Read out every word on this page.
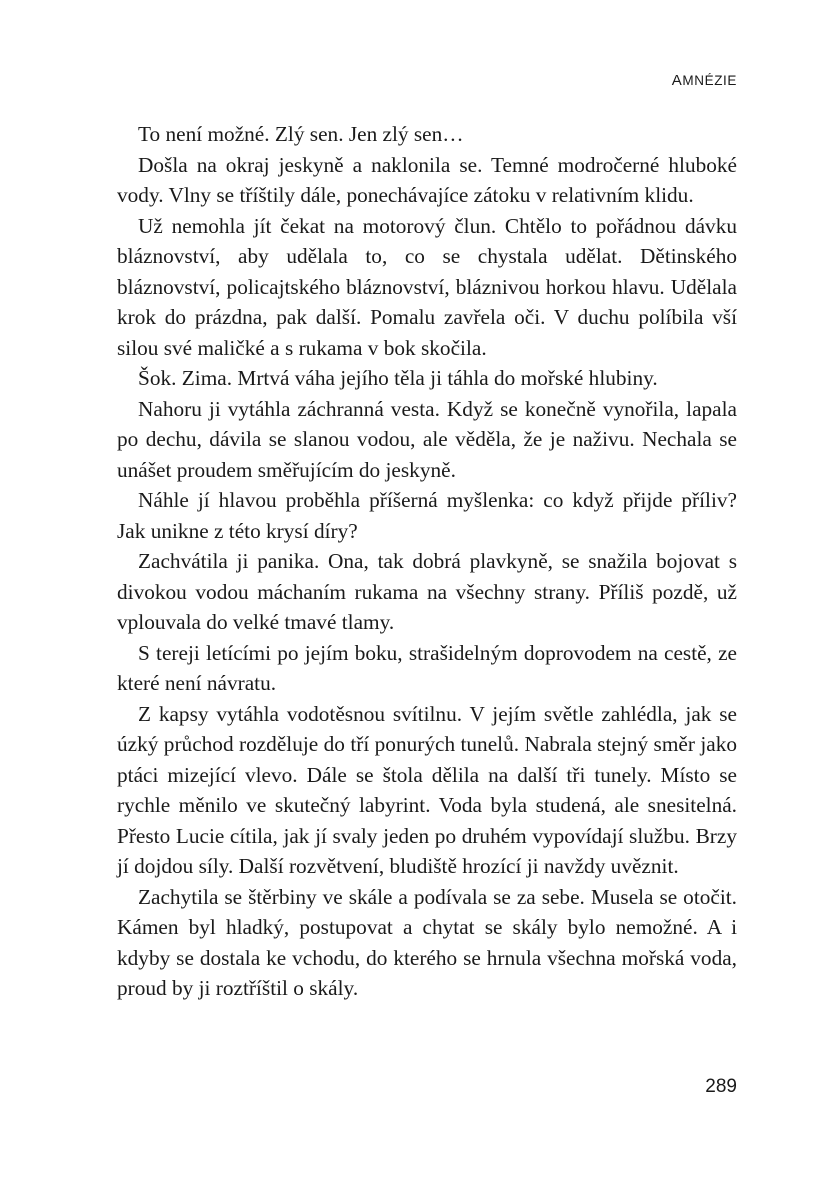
AMNÉZIE

To není možné. Zlý sen. Jen zlý sen…

Došla na okraj jeskyně a naklonila se. Temné modročerné hluboké vody. Vlny se tříštily dále, ponechávajíce zátoku v relativním klidu.

Už nemohla jít čekat na motorový člun. Chtělo to pořádnou dávku bláznovství, aby udělala to, co se chystala udělat. Dětinského bláznovství, policajtského bláznovství, bláznivou horkou hlavu. Udělala krok do prázdna, pak další. Pomalu zavřela oči. V duchu políbila vší silou své maličké a s rukama v bok skočila.

Šok. Zima. Mrtvá váha jejího těla ji táhla do mořské hlubiny.

Nahoru ji vytáhla záchranná vesta. Když se konečně vynořila, lapala po dechu, dávila se slanou vodou, ale věděla, že je naživu. Nechala se unášet proudem směřujícím do jeskyně.

Náhle jí hlavou proběhla příšerná myšlenka: co když přijde příliv? Jak unikne z této krysí díry?

Zachvátila ji panika. Ona, tak dobrá plavkyně, se snažila bojovat s divokou vodou máchaním rukama na všechny strany. Příliš pozdě, už vplouvala do velké tmavé tlamy.

S tereji letícími po jejím boku, strašidelným doprovodem na cestě, ze které není návratu.

Z kapsy vytáhla vodotěsnou svítilnu. V jejím světle zahlédla, jak se úzký průchod rozděluje do tří ponurých tunelů. Nabrala stejný směr jako ptáci mizející vlevo. Dále se štola dělila na další tři tunely. Místo se rychle měnilo ve skutečný labyrint. Voda byla studená, ale snesitelná. Přesto Lucie cítila, jak jí svaly jeden po druhém vypovídají službu. Brzy jí dojdou síly. Další rozvětvení, bludiště hrozící ji navždy uvěznit.

Zachytila se štěrbiny ve skále a podívala se za sebe. Musela se otočit. Kámen byl hladký, postupovat a chytat se skály bylo nemožné. A i kdyby se dostala ke vchodu, do kterého se hrnula všechna mořská voda, proud by ji roztříštil o skály.

289
